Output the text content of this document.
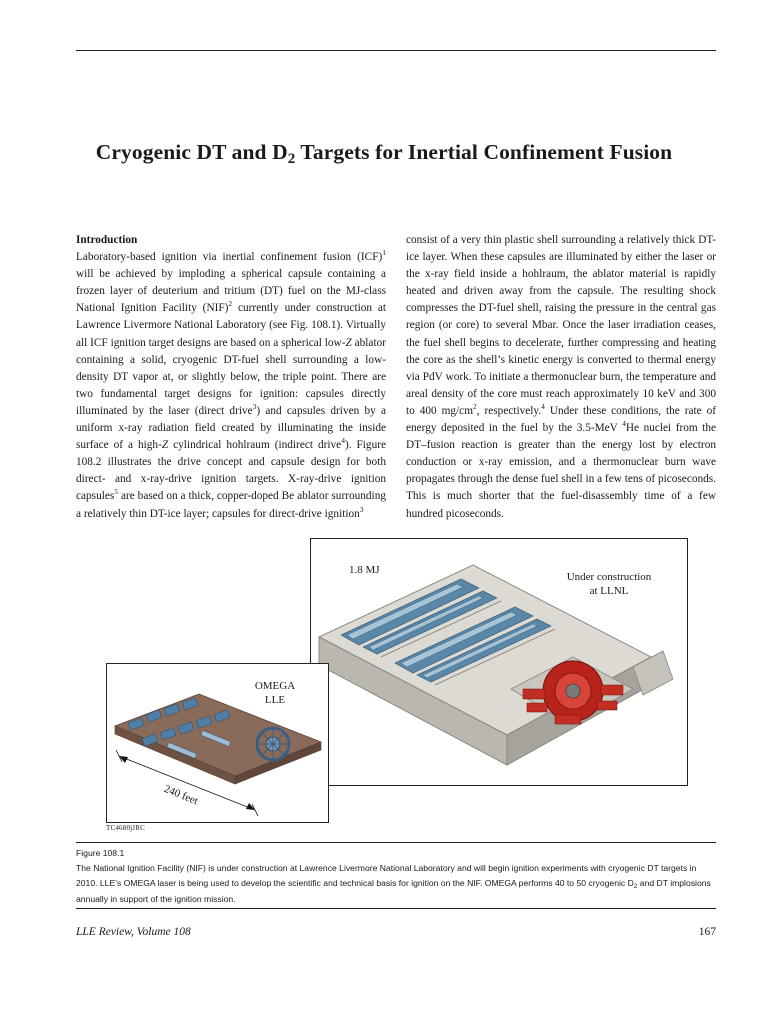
Cryogenic DT and $D_2$ Targets for Inertial Confinement Fusion

Introduction
Laboratory-based ignition via inertial confinement fusion (ICF)$^1$ will be achieved by imploding a spherical capsule containing a frozen layer of deuterium and tritium (DT) fuel on the MJ-class National Ignition Facility (NIF)$^2$ currently under construction at Lawrence Livermore National Laboratory (see Fig. 108.1). Virtually all ICF ignition target designs are based on a spherical low-Z ablator containing a solid, cryogenic DT-fuel shell surrounding a low-density DT vapor at, or slightly below, the triple point. There are two fundamental target designs for ignition: capsules directly illuminated by the laser (direct drive$^3$) and capsules driven by a uniform x-ray radiation field created by illuminating the inside surface of a high-Z cylindrical hohlraum (indirect drive$^4$). Figure 108.2 illustrates the drive concept and capsule design for both direct- and x-ray-drive ignition targets. X-ray-drive ignition capsules$^5$ are based on a thick, copper-doped Be ablator surrounding a relatively thin DT-ice layer; capsules for direct-drive ignition$^3$

consist of a very thin plastic shell surrounding a relatively thick DT-ice layer. When these capsules are illuminated by either the laser or the x-ray field inside a hohlraum, the ablator material is rapidly heated and driven away from the capsule. The resulting shock compresses the DT-fuel shell, raising the pressure in the central gas region (or core) to several Mbar. Once the laser irradiation ceases, the fuel shell begins to decelerate, further compressing and heating the core as the shell’s kinetic energy is converted to thermal energy via PdV work. To initiate a thermonuclear burn, the temperature and areal density of the core must reach approximately 10 keV and 300 to 400 $mg/cm^2$, respectively.$^4$ Under these conditions, the rate of energy deposited in the fuel by the 3.5-MeV $^4$He nuclei from the DT–fusion reaction is greater than the energy lost by electron conduction or x-ray emission, and a thermonuclear burn wave propagates through the dense fuel shell in a few tens of picoseconds. This is much shorter that the fuel-disassembly time of a few hundred picoseconds.

1.8 MJ
Under construction
at LLNL
OMEGA
LLE
240 feet
TC4680jJRC

Figure 108.1
The National Ignition Facility (NIF) is under construction at Lawrence Livermore National Laboratory and will begin ignition experiments with cryogenic DT targets in 2010. LLE’s OMEGA laser is being used to develop the scientific and technical basis for ignition on the NIF. OMEGA performs 40 to 50 cryogenic $D_2$ and DT implosions annually in support of the ignition mission.

LLE Review, Volume 108	167
